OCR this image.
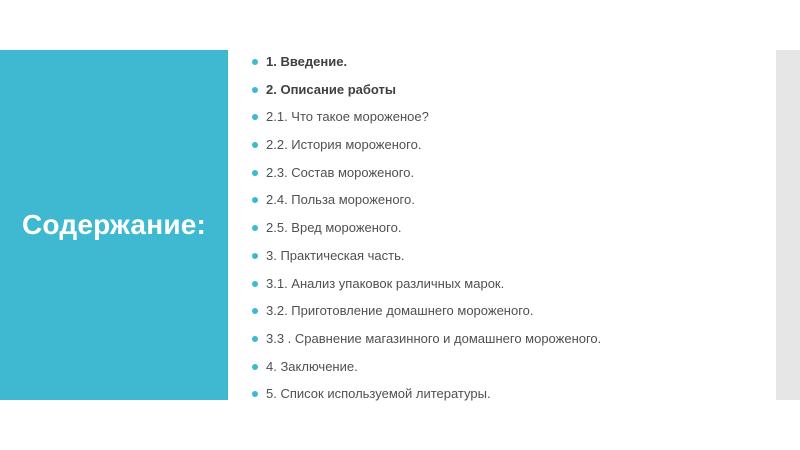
Содержание:
1. Введение.
2. Описание работы
2.1. Что такое мороженое?
2.2. История мороженого.
2.3. Состав мороженого.
2.4. Польза мороженого.
2.5. Вред мороженого.
3. Практическая часть.
3.1. Анализ упаковок различных марок.
3.2. Приготовление домашнего мороженого.
3.3 . Сравнение магазинного и домашнего мороженого.
4. Заключение.
5. Список используемой литературы.
